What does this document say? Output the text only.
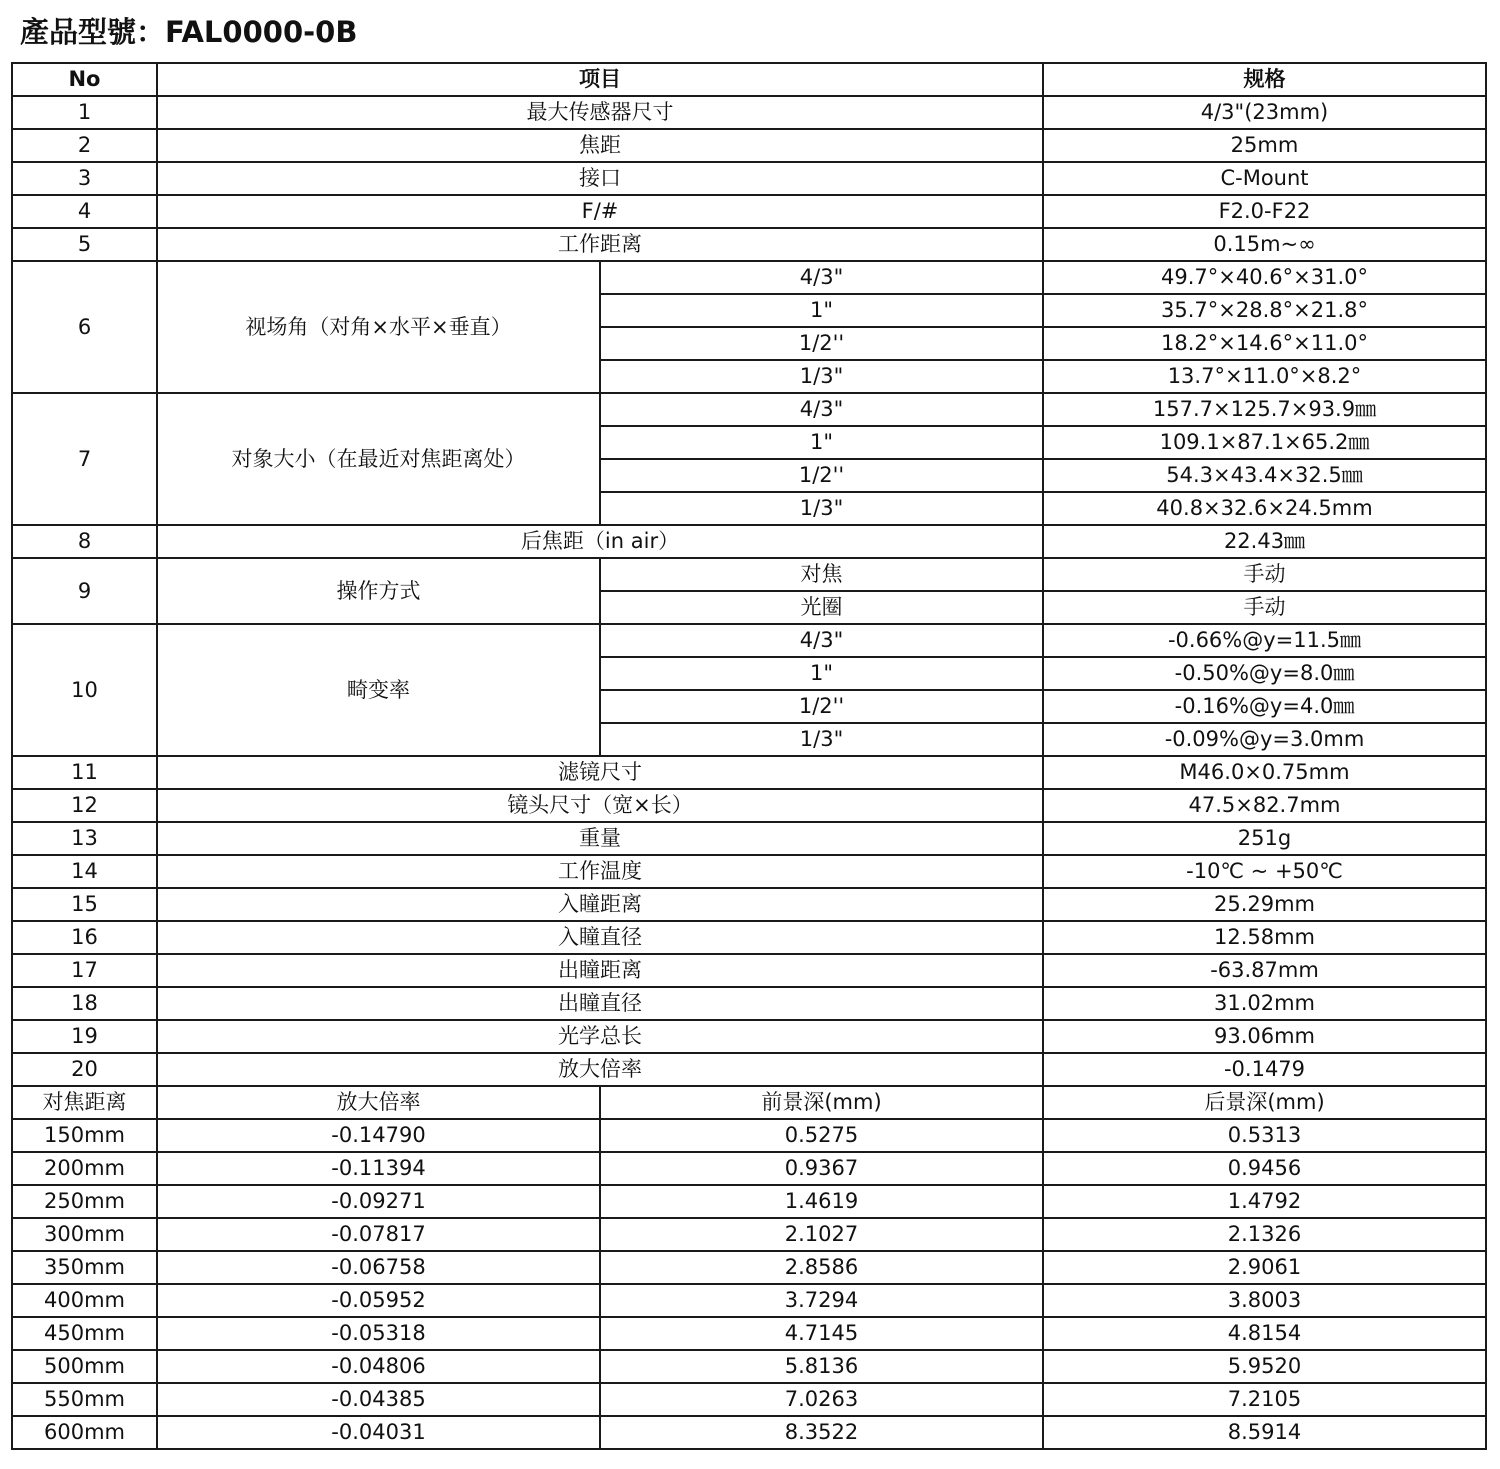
產品型號：FAL0000-0B
No	项目		规格
1	最大传感器尺寸		4/3"(23mm)
2	焦距		25mm
3	接口		C-Mount
4	F/#		F2.0-F22
5	工作距离		0.15m~∞
6	视场角（对角×水平×垂直）	4/3"	49.7°×40.6°×31.0°
		1"	35.7°×28.8°×21.8°
		1/2''	18.2°×14.6°×11.0°
		1/3"	13.7°×11.0°×8.2°
7	对象大小（在最近对焦距离处）	4/3"	157.7×125.7×93.9㎜
		1"	109.1×87.1×65.2㎜
		1/2''	54.3×43.4×32.5㎜
		1/3"	40.8×32.6×24.5mm
8	后焦距（in air）		22.43㎜
9	操作方式	对焦	手动
		光圈	手动
10	畸变率	4/3"	-0.66%@y=11.5㎜
		1"	-0.50%@y=8.0㎜
		1/2''	-0.16%@y=4.0㎜
		1/3"	-0.09%@y=3.0mm
11	滤镜尺寸		M46.0×0.75mm
12	镜头尺寸（宽×长）		47.5×82.7mm
13	重量		251g
14	工作温度		-10℃ ~ +50℃
15	入瞳距离		25.29mm
16	入瞳直径		12.58mm
17	出瞳距离		-63.87mm
18	出瞳直径		31.02mm
19	光学总长		93.06mm
20	放大倍率		-0.1479
对焦距离	放大倍率	前景深(mm)	后景深(mm)
150mm	-0.14790	0.5275	0.5313
200mm	-0.11394	0.9367	0.9456
250mm	-0.09271	1.4619	1.4792
300mm	-0.07817	2.1027	2.1326
350mm	-0.06758	2.8586	2.9061
400mm	-0.05952	3.7294	3.8003
450mm	-0.05318	4.7145	4.8154
500mm	-0.04806	5.8136	5.9520
550mm	-0.04385	7.0263	7.2105
600mm	-0.04031	8.3522	8.5914
